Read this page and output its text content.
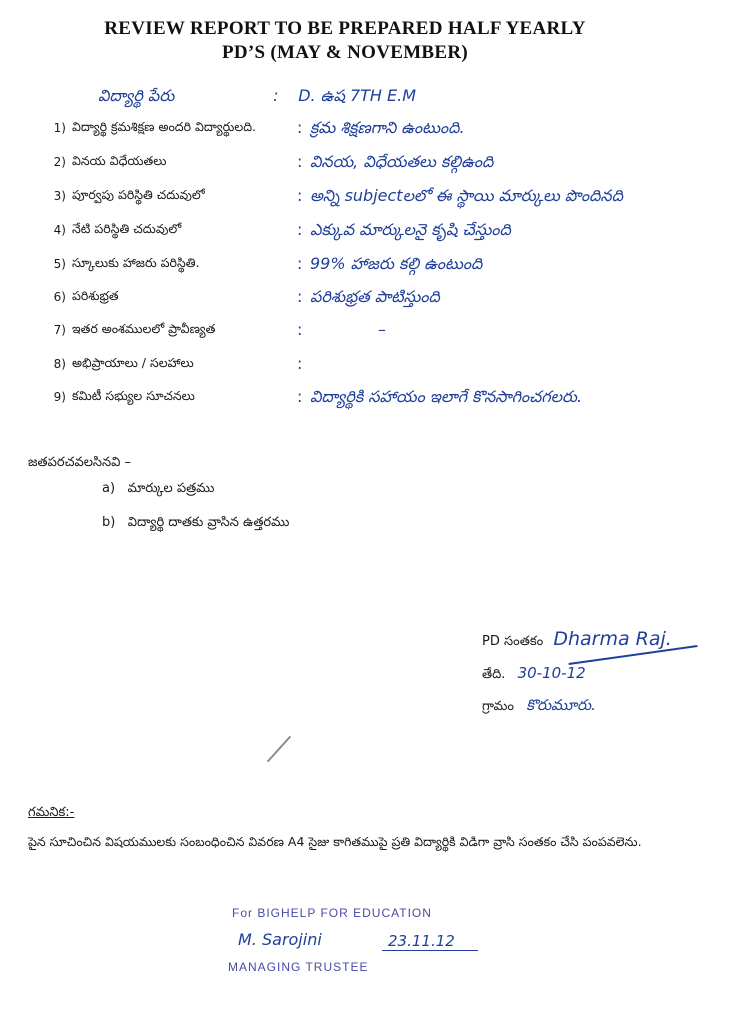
REVIEW REPORT TO BE PREPARED HALF YEARLY
PD’S (MAY & NOVEMBER)
విద్యార్థి పేరు	: D. ఉష 7TH E.M
1) విద్యార్థి క్రమశిక్షణ అందరి విద్యార్థులది.	: క్రమ శిక్షణగాని ఉంటుంది.
2) వినయ విధేయతలు	: వినయ, విధేయతలు కల్గిఉంది
3) పూర్వపు పరిస్థితి చదువులో	: అన్ని subjectలలో ఈ స్థాయి మార్కులు పొందినది
4) నేటి పరిస్థితి చదువులో	: ఎక్కువ మార్కులనై కృషి చేస్తుంది
5) స్కూలుకు హాజరు పరిస్థితి.	: 99% హాజరు కల్గి ఉంటుంది
6) పరిశుభ్రత	: పరిశుభ్రత పాటిస్తుంది
7) ఇతర అంశములలో ప్రావీణ్యత	:	–
8) అభిప్రాయాలు / సలహాలు	:
9) కమిటీ సభ్యుల సూచనలు	: విద్యార్థికి సహాయం ఇలాగే కొనసాగించగలరు.
జతపరచవలసినవి –
a) మార్కుల పత్రము
b) విద్యార్థి దాతకు వ్రాసిన ఉత్తరము
PD సంతకం Dharma Raj.
తేది. 30-10-12
గ్రామం కొరుమూరు.
గమనిక:-
పైన సూచించిన విషయములకు సంబంధించిన వివరణ A4 సైజు కాగితముపై ప్రతి విద్యార్థికి విడిగా వ్రాసి సంతకం చేసి పంపవలెను.
For BIGHELP FOR EDUCATION
M. Sarojini	23.11.12
MANAGING TRUSTEE
